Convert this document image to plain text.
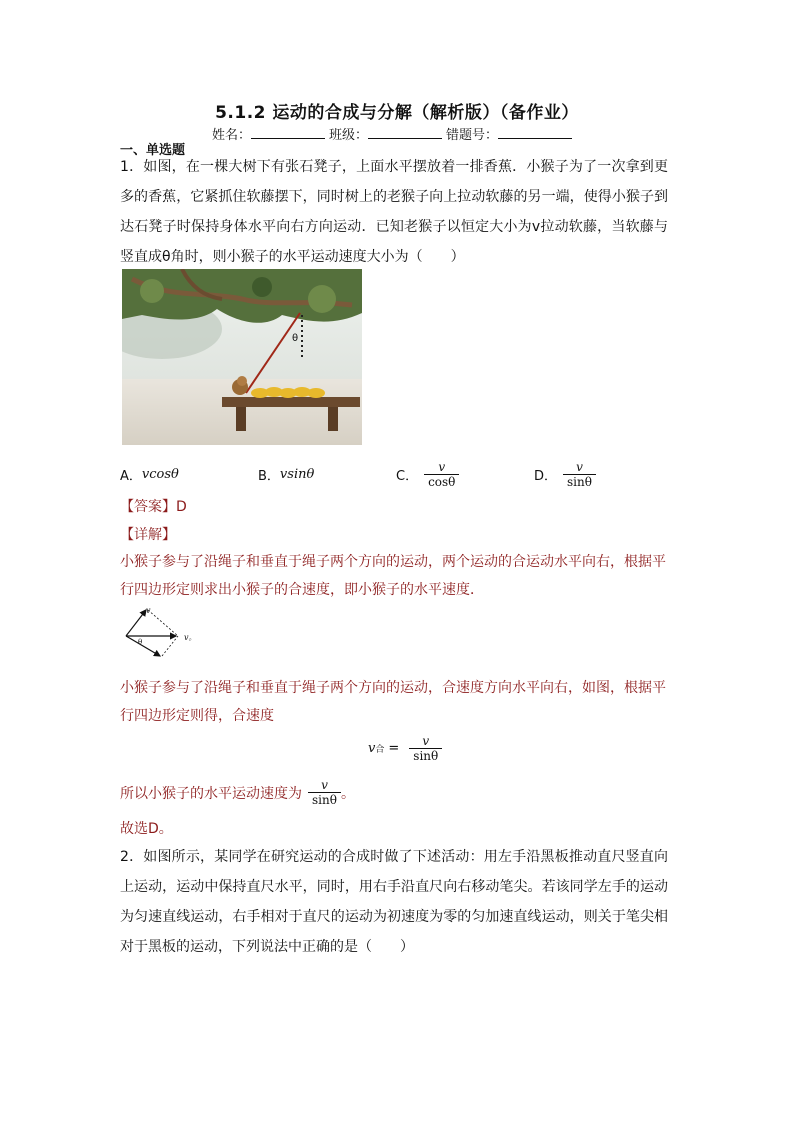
5.1.2 运动的合成与分解（解析版）（备作业）
姓名：	班级：	错题号：
一、单选题
1．如图，在一棵大树下有张石凳子，上面水平摆放着一排香蕉．小猴子为了一次拿到更多的香蕉，它紧抓住软藤摆下，同时树上的老猴子向上拉动软藤的另一端，使得小猴子到达石凳子时保持身体水平向右方向运动．已知老猴子以恒定大小为v拉动软藤，当软藤与竖直成θ角时，则小猴子的水平运动速度大小为（　　）
θ
A． vcosθ	B． vsinθ	C． $\frac{v}{\cos\theta}$	D． $\frac{v}{\sin\theta}$
【答案】D
【详解】
小猴子参与了沿绳子和垂直于绳子两个方向的运动，两个运动的合运动水平向右，根据平行四边形定则求出小猴子的合速度，即小猴子的水平速度．
v
θ	v。
小猴子参与了沿绳子和垂直于绳子两个方向的运动，合速度方向水平向右，如图，根据平行四边形定则得，合速度
v 合 = $\frac{v}{\sin\theta}$
所以小猴子的水平运动速度为 $\frac{v}{\sin\theta}$ 。
故选D。
2．如图所示，某同学在研究运动的合成时做了下述活动：用左手沿黑板推动直尺竖直向上运动，运动中保持直尺水平，同时，用右手沿直尺向右移动笔尖。若该同学左手的运动为匀速直线运动，右手相对于直尺的运动为初速度为零的匀加速直线运动，则关于笔尖相对于黑板的运动，下列说法中正确的是（　　）
